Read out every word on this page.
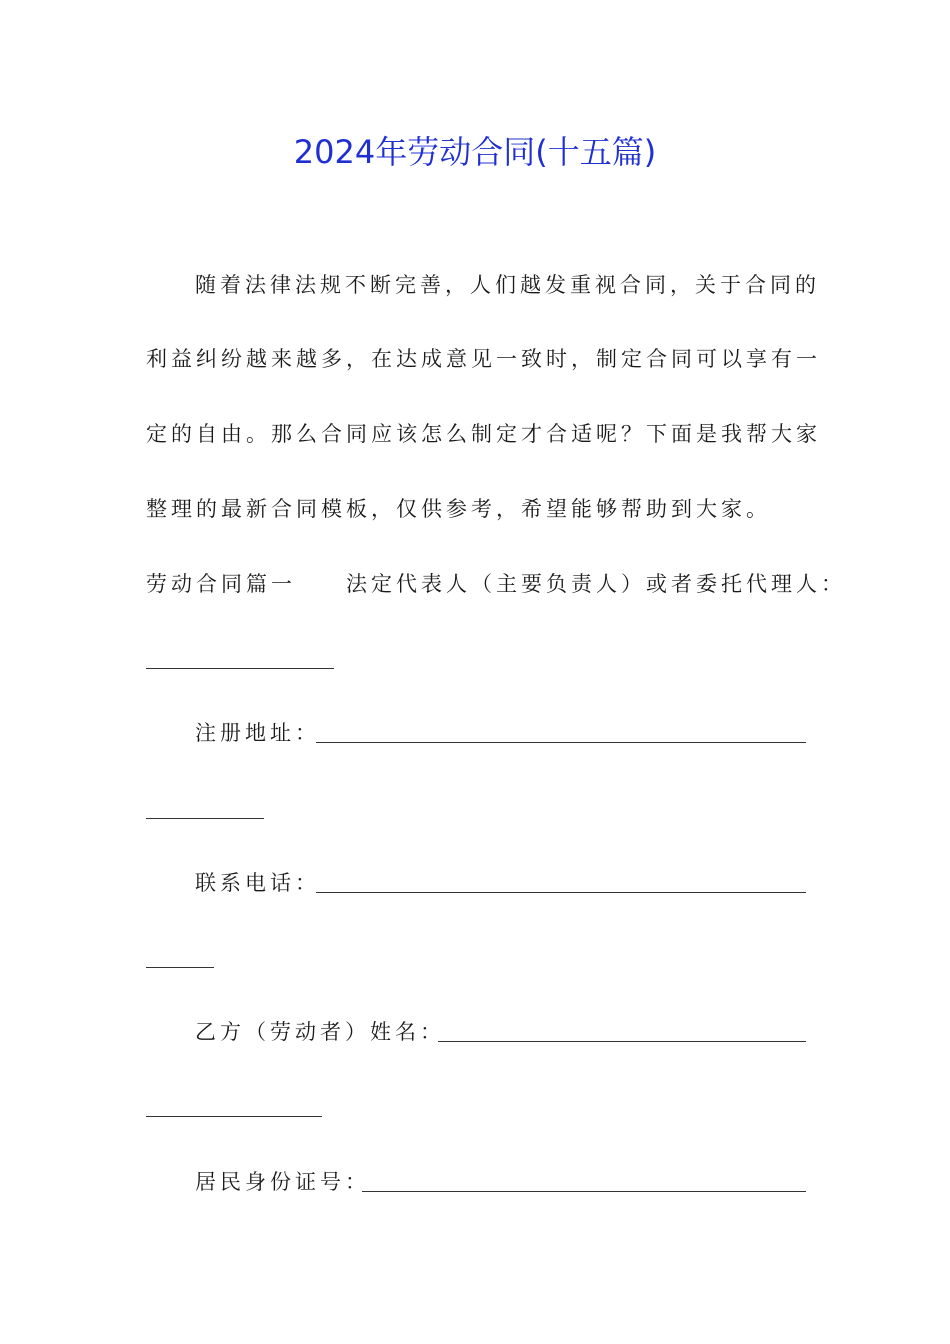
2024年劳动合同(十五篇)
随着法律法规不断完善，人们越发重视合同，关于合同的
利益纠纷越来越多，在达成意见一致时，制定合同可以享有一
定的自由。那么合同应该怎么制定才合适呢？下面是我帮大家
整理的最新合同模板，仅供参考，希望能够帮助到大家。
劳动合同篇一 法定代表人（主要负责人）或者委托代理人：
注册地址：
联系电话：
乙方（劳动者）姓名：
居民身份证号：
